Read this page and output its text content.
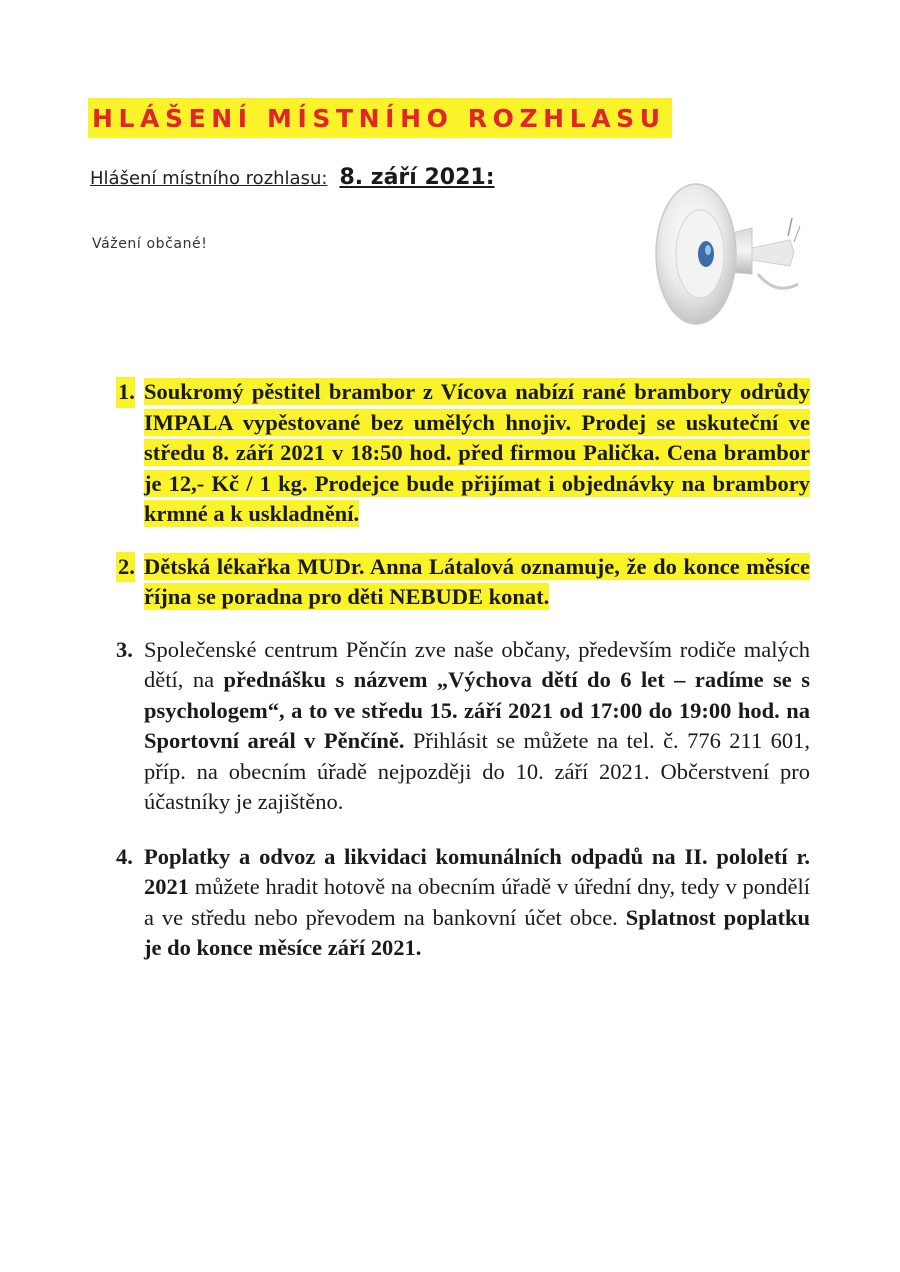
HLÁŠENÍ MÍSTNÍHO ROZHLASU
Hlášení místního rozhlasu: 8. září 2021:
Vážení občané!
1. Soukromý pěstitel brambor z Vícova nabízí rané brambory odrůdy IMPALA vypěstované bez umělých hnojiv. Prodej se uskuteční ve středu 8. září 2021 v 18:50 hod. před firmou Palička. Cena brambor je 12,- Kč / 1 kg. Prodejce bude přijímat i objednávky na brambory krmné a k uskladnění.
2. Dětská lékařka MUDr. Anna Látalová oznamuje, že do konce měsíce října se poradna pro děti NEBUDE konat.
3. Společenské centrum Pěnčín zve naše občany, především rodiče malých dětí, na přednášku s názvem „Výchova dětí do 6 let – radíme se s psychologem“, a to ve středu 15. září 2021 od 17:00 do 19:00 hod. na Sportovní areál v Pěnčíně. Přihlásit se můžete na tel. č. 776 211 601, příp. na obecním úřadě nejpozději do 10. září 2021. Občerstvení pro účastníky je zajištěno.
4. Poplatky a odvoz a likvidaci komunálních odpadů na II. pololetí r. 2021 můžete hradit hotově na obecním úřadě v úřední dny, tedy v pondělí a ve středu nebo převodem na bankovní účet obce. Splatnost poplatku je do konce měsíce září 2021.
